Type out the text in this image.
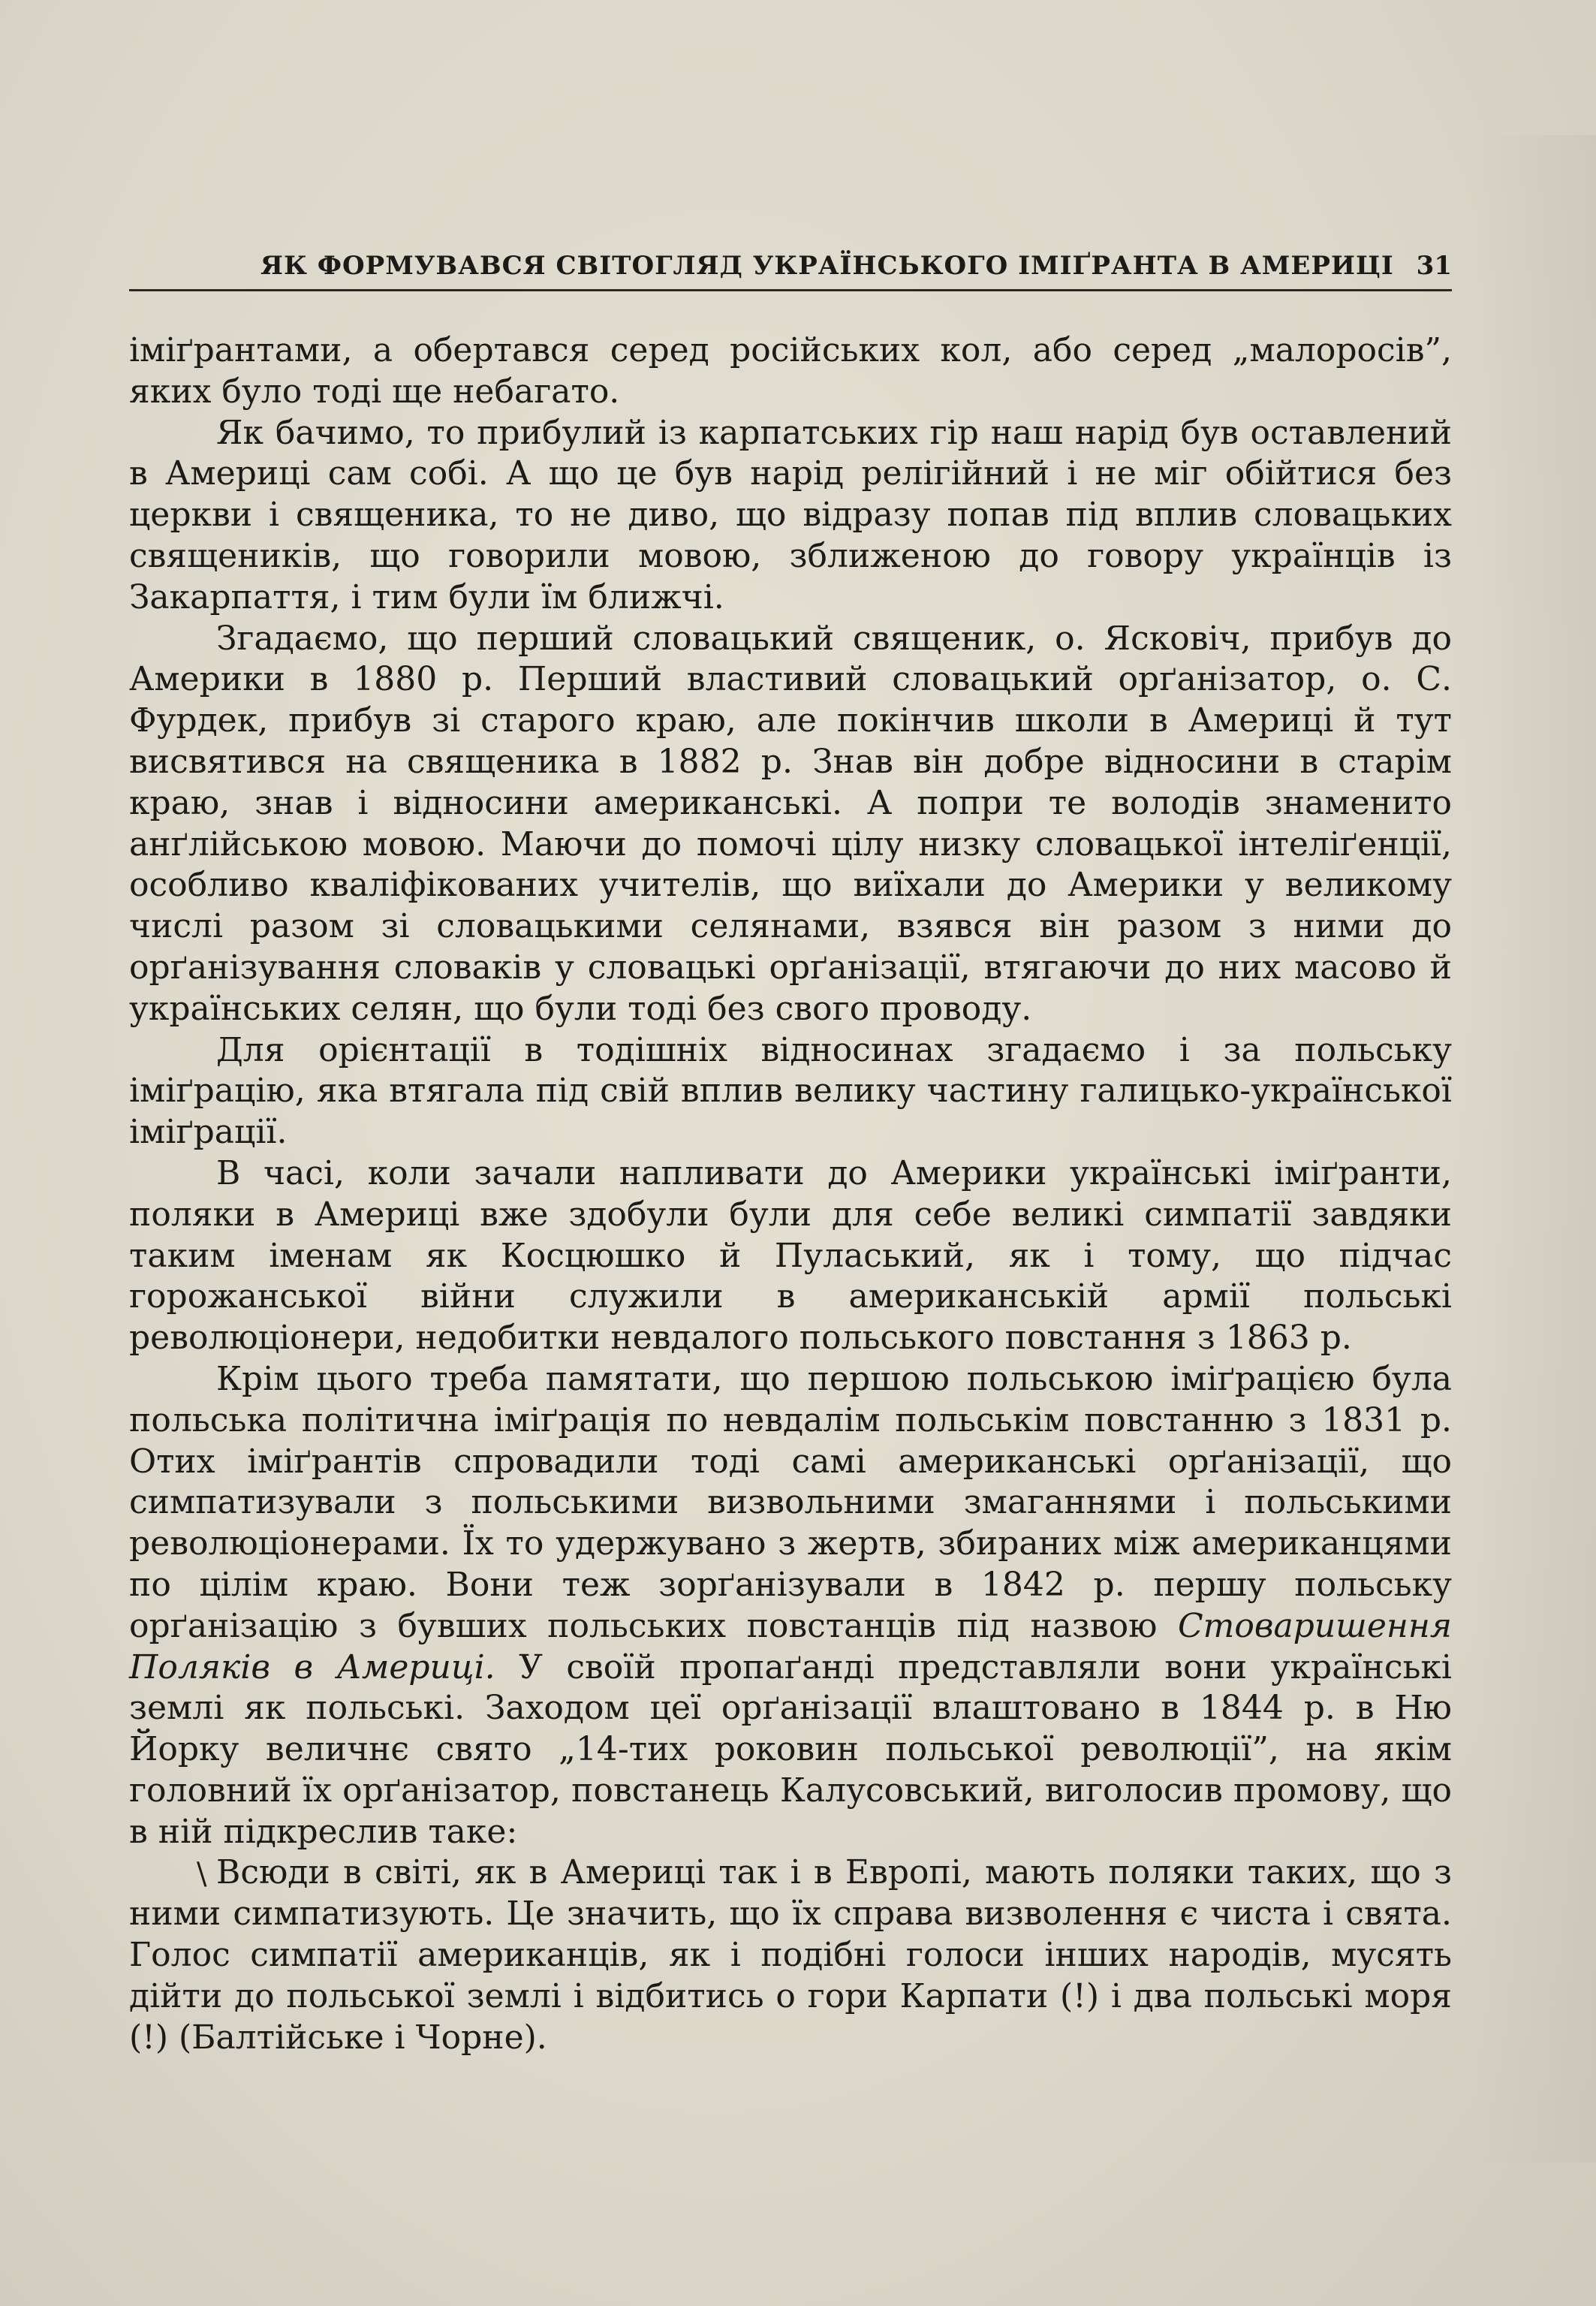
ЯК ФОРМУВАВСЯ СВІТОГЛЯД УКРАЇНСЬКОГО ІМІҐРАНТА В АМЕРИЦІ 31

іміґрантами, а обертався серед російських кол, або серед „малоросів”, яких було тоді ще небагато.

Як бачимо, то прибулий із карпатських гір наш нарід був оставлений в Америці сам собі. А що це був нарід релігійний і не міг обійтися без церкви і священика, то не диво, що відразу попав під вплив словацьких священиків, що говорили мовою, зближеною до говору українців із Закарпаття, і тим були їм ближчі.

Згадаємо, що перший словацький священик, о. Ясковіч, прибув до Америки в 1880 р. Перший властивий словацький орґанізатор, о. С. Фурдек, прибув зі старого краю, але покінчив школи в Америці й тут висвятився на священика в 1882 р. Знав він добре відносини в старім краю, знав і відносини американські. А попри те володів знаменито анґлійською мовою. Маючи до помочі цілу низку словацької інтеліґенції, особливо кваліфікованих учителів, що виїхали до Америки у великому числі разом зі словацькими селянами, взявся він разом з ними до орґанізування словаків у словацькі орґанізації, втягаючи до них масово й українських селян, що були тоді без свого проводу.

Для орієнтації в тодішніх відносинах згадаємо і за польську іміґрацію, яка втягала під свій вплив велику частину галицько-української іміґрації.

В часі, коли зачали напливати до Америки українські іміґранти, поляки в Америці вже здобули були для себе великі симпатії завдяки таким іменам як Косцюшко й Пуласький, як і тому, що підчас горожанської війни служили в американській армії польські революціонери, недобитки невдалого польського повстання з 1863 р.

Крім цього треба памятати, що першою польською іміґрацією була польська політична іміґрація по невдалім польськім повстанню з 1831 р. Отих іміґрантів спровадили тоді самі американські орґанізації, що симпатизували з польськими визвольними змаганнями і польськими революціонерами. Їх то удержувано з жертв, збираних між американцями по цілім краю. Вони теж зорґанізували в 1842 р. першу польську орґанізацію з бувших польських повстанців під назвою Стоваришення Поляків в Америці. У своїй пропаґанді представляли вони українські землі як польські. Заходом цеї орґанізації влаштовано в 1844 р. в Ню Йорку величнє свято „14-тих роковин польської революції”, на якім головний їх орґанізатор, повстанець Калусовський, виголосив промову, що в ній підкреслив таке:

\ Всюди в світі, як в Америці так і в Европі, мають поляки таких, що з ними симпатизують. Це значить, що їх справа визволення є чиста і свята. Голос симпатії американців, як і подібні голоси інших народів, мусять дійти до польської землі і відбитись о гори Карпати (!) і два польські моря (!) (Балтійське і Чорне).
